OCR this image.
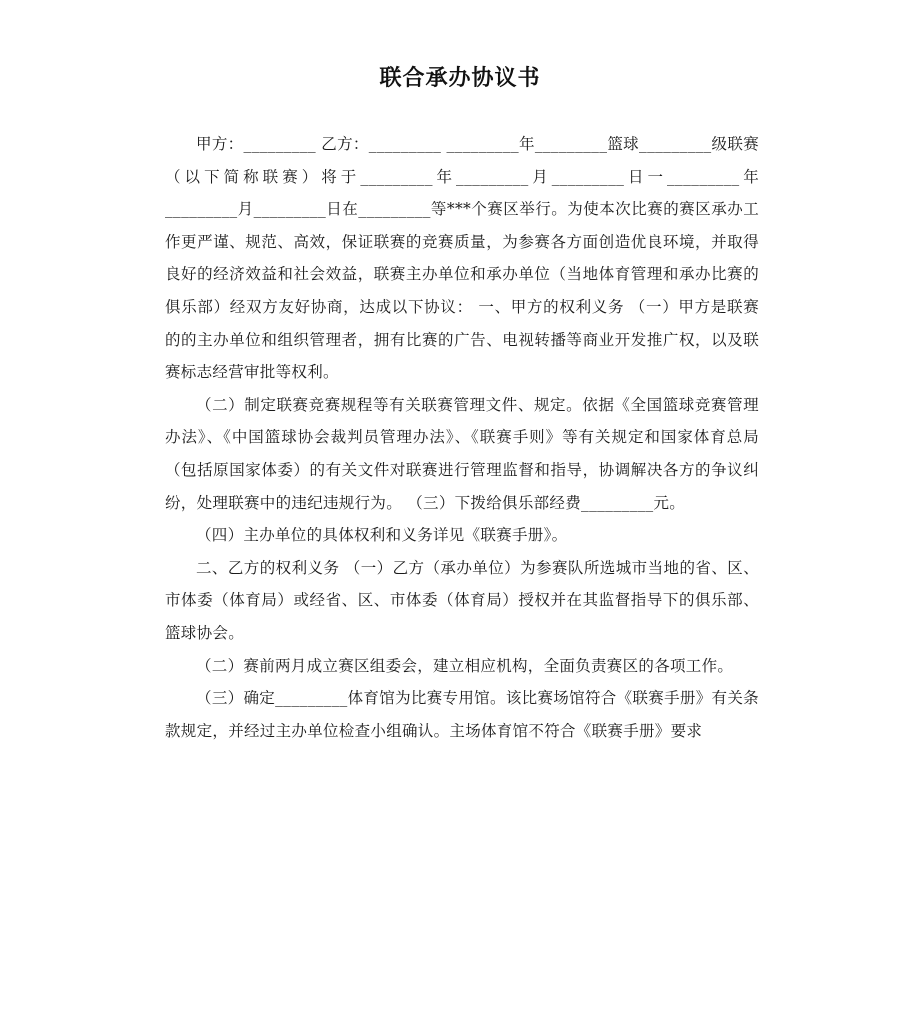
联合承办协议书

甲方：_________ 乙方：_________ _________年_________篮球_________级联赛（以下简称联赛）将于_________年_________月_________日一_________年_________月_________日在_________等***个赛区举行。为使本次比赛的赛区承办工作更严谨、规范、高效，保证联赛的竞赛质量，为参赛各方面创造优良环境，并取得良好的经济效益和社会效益，联赛主办单位和承办单位（当地体育管理和承办比赛的俱乐部）经双方友好协商，达成以下协议： 一、甲方的权利义务 （一）甲方是联赛的的主办单位和组织管理者，拥有比赛的广告、电视转播等商业开发推广权，以及联赛标志经营审批等权利。

（二）制定联赛竞赛规程等有关联赛管理文件、规定。依据《全国篮球竞赛管理办法》、《中国篮球协会裁判员管理办法》、《联赛手则》等有关规定和国家体育总局（包括原国家体委）的有关文件对联赛进行管理监督和指导，协调解决各方的争议纠纷，处理联赛中的违纪违规行为。 （三）下拨给俱乐部经费_________元。

（四）主办单位的具体权利和义务详见《联赛手册》。

二、乙方的权利义务 （一）乙方（承办单位）为参赛队所选城市当地的省、区、市体委（体育局）或经省、区、市体委（体育局）授权并在其监督指导下的俱乐部、篮球协会。

（二）赛前两月成立赛区组委会，建立相应机构，全面负责赛区的各项工作。

（三）确定_________体育馆为比赛专用馆。该比赛场馆符合《联赛手册》有关条款规定，并经过主办单位检查小组确认。主场体育馆不符合《联赛手册》要求
